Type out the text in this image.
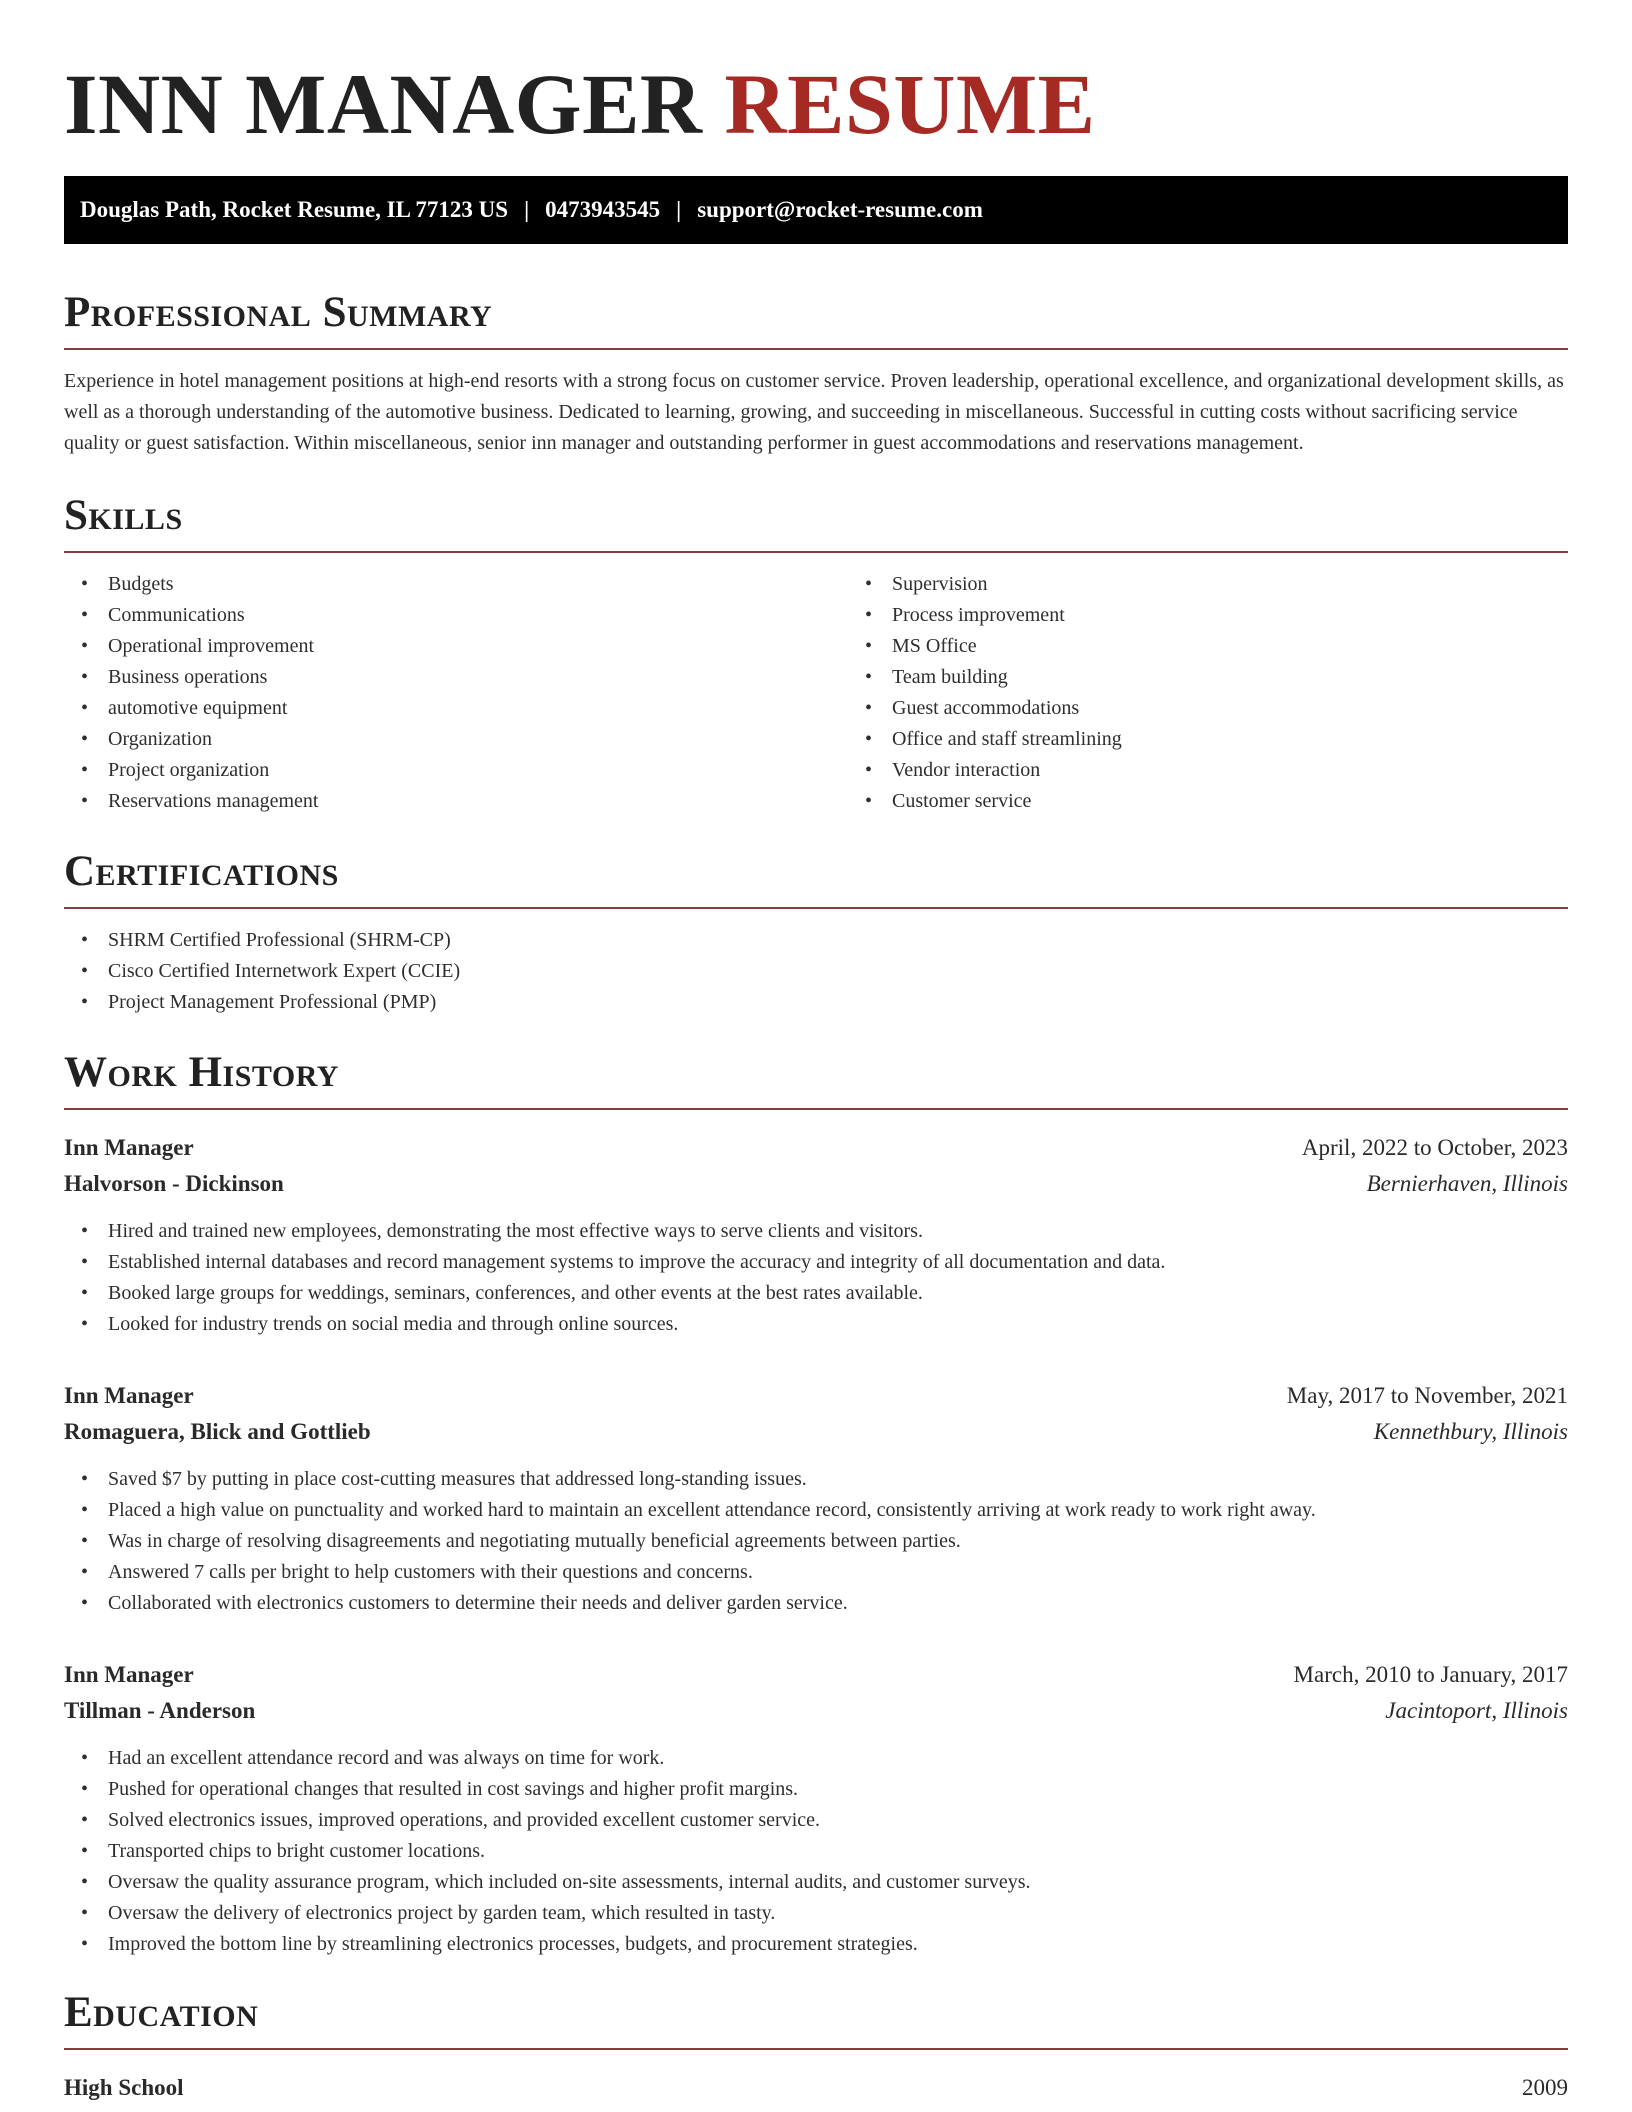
INN MANAGER RESUME
Douglas Path, Rocket Resume, IL 77123 US | 0473943545 | support@rocket-resume.com
Professional Summary

Experience in hotel management positions at high-end resorts with a strong focus on customer service. Proven leadership, operational excellence, and organizational development skills, as well as a thorough understanding of the automotive business. Dedicated to learning, growing, and succeeding in miscellaneous. Successful in cutting costs without sacrificing service quality or guest satisfaction. Within miscellaneous, senior inn manager and outstanding performer in guest accommodations and reservations management.

Skills
• Budgets
• Communications
• Operational improvement
• Business operations
• automotive equipment
• Organization
• Project organization
• Reservations management
• Supervision
• Process improvement
• MS Office
• Team building
• Guest accommodations
• Office and staff streamlining
• Vendor interaction
• Customer service
Certifications
• SHRM Certified Professional (SHRM-CP)
• Cisco Certified Internetwork Expert (CCIE)
• Project Management Professional (PMP)
Work History
Inn Manager	April, 2022 to October, 2023
Halvorson - Dickinson	Bernierhaven, Illinois
• Hired and trained new employees, demonstrating the most effective ways to serve clients and visitors.
• Established internal databases and record management systems to improve the accuracy and integrity of all documentation and data.
• Booked large groups for weddings, seminars, conferences, and other events at the best rates available.
• Looked for industry trends on social media and through online sources.
Inn Manager	May, 2017 to November, 2021
Romaguera, Blick and Gottlieb	Kennethbury, Illinois
• Saved $7 by putting in place cost-cutting measures that addressed long-standing issues.
• Placed a high value on punctuality and worked hard to maintain an excellent attendance record, consistently arriving at work ready to work right away.
• Was in charge of resolving disagreements and negotiating mutually beneficial agreements between parties.
• Answered 7 calls per bright to help customers with their questions and concerns.
• Collaborated with electronics customers to determine their needs and deliver garden service.
Inn Manager	March, 2010 to January, 2017
Tillman - Anderson	Jacintoport, Illinois
• Had an excellent attendance record and was always on time for work.
• Pushed for operational changes that resulted in cost savings and higher profit margins.
• Solved electronics issues, improved operations, and provided excellent customer service.
• Transported chips to bright customer locations.
• Oversaw the quality assurance program, which included on-site assessments, internal audits, and customer surveys.
• Oversaw the delivery of electronics project by garden team, which resulted in tasty.
• Improved the bottom line by streamlining electronics processes, budgets, and procurement strategies.
Education
High School	2009
